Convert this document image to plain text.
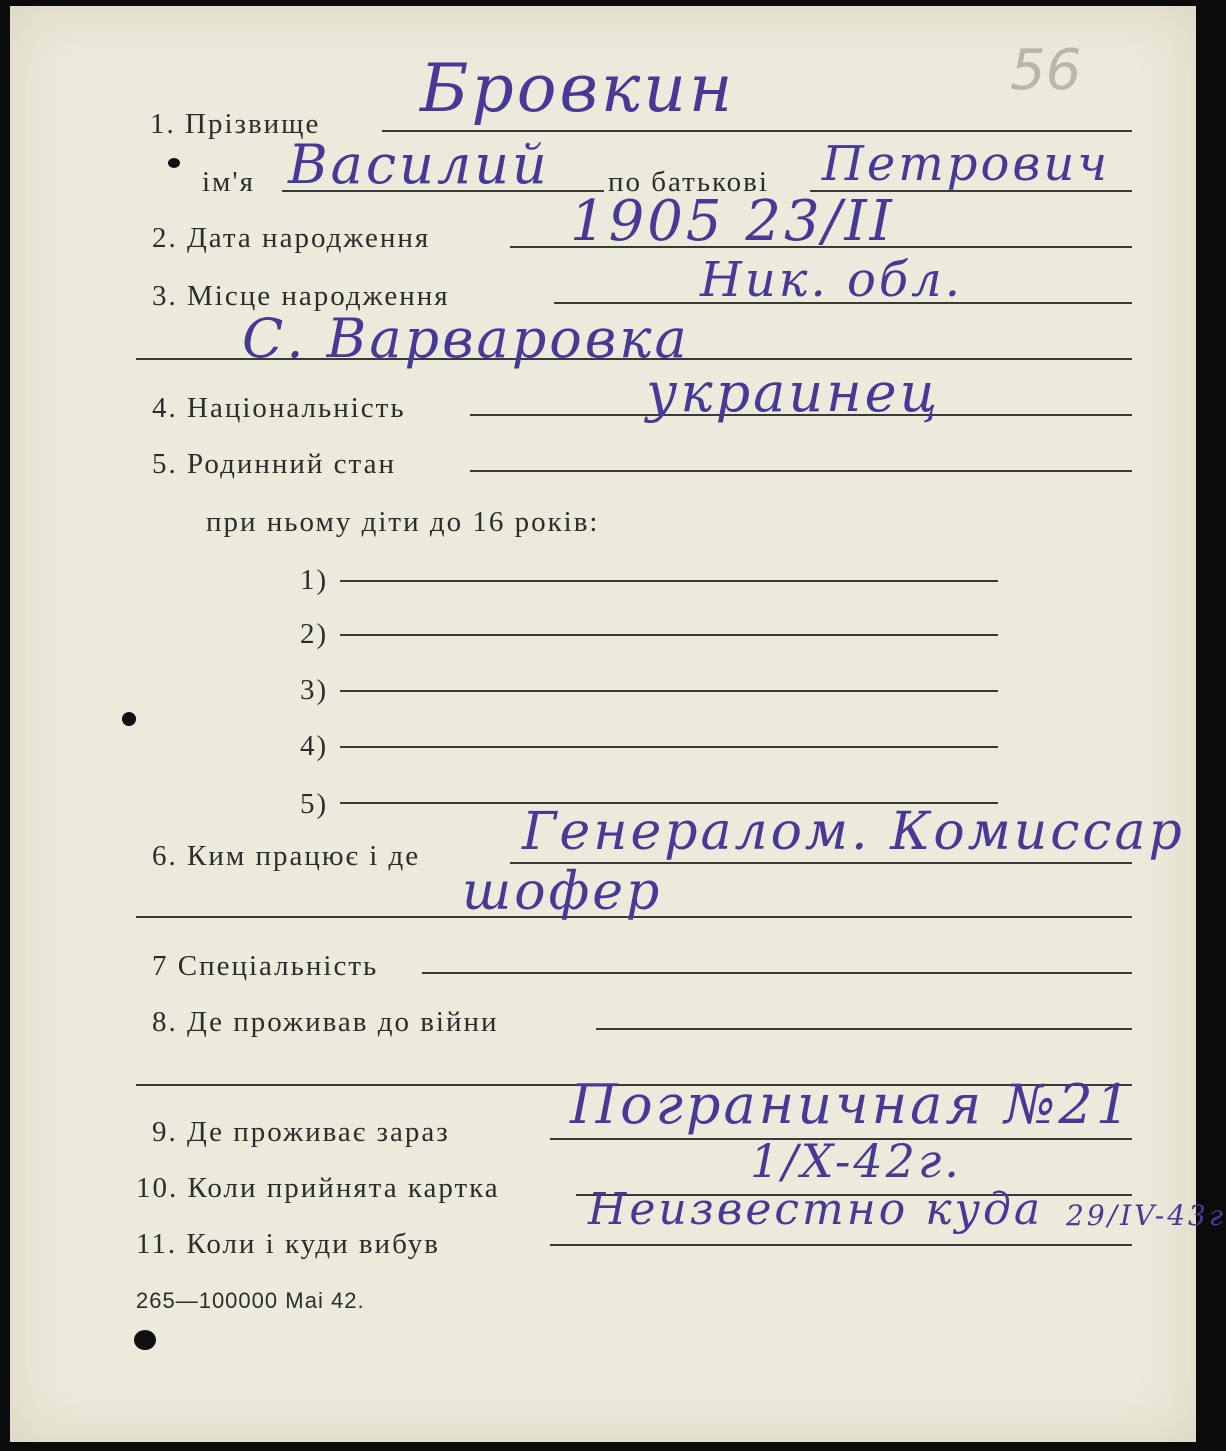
56
1. Прізвище Бровкин
ім'я Василий по батькові Петрович
2. Дата народження 1905 23/II
3. Місце народження	Ник. обл.
С. Варваровка
4. Національність	украинец
5. Родинний стан
при ньому діти до 16 років:
1)
2)
3)
4)
5)
6. Ким працює і де Генералом. Комиссар
шофер
7 Спеціальність
8. Де проживав до війни
9. Де проживає зараз Пограничная №21
10. Коли прийнята картка	1/X-42г.
11. Коли і куди вибув
Неизвестно куда 29/IV-43г
265—100000 Маі 42.
